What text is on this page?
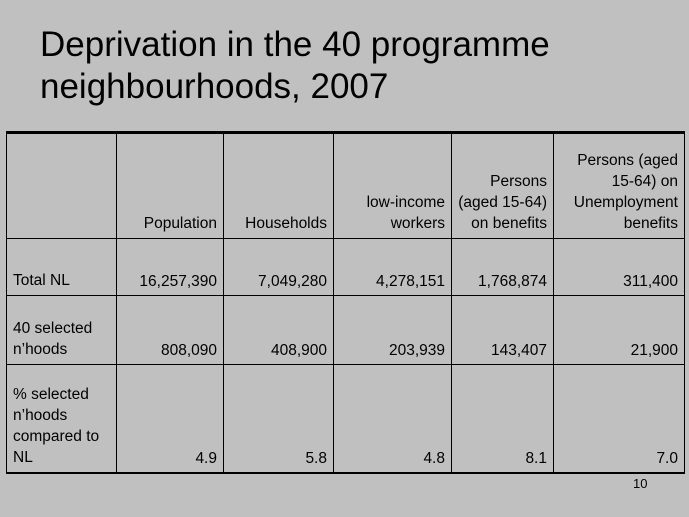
Deprivation in the 40 programme
neighbourhoods, 2007
	Population	Households	low-income workers	Persons (aged 15-64) on benefits	Persons (aged 15-64) on Unemployment benefits
Total NL	16,257,390	7,049,280	4,278,151	1,768,874	311,400
40 selected n’hoods	808,090	408,900	203,939	143,407	21,900
% selected n’hoods compared to NL	4.9	5.8	4.8	8.1	7.0
10
